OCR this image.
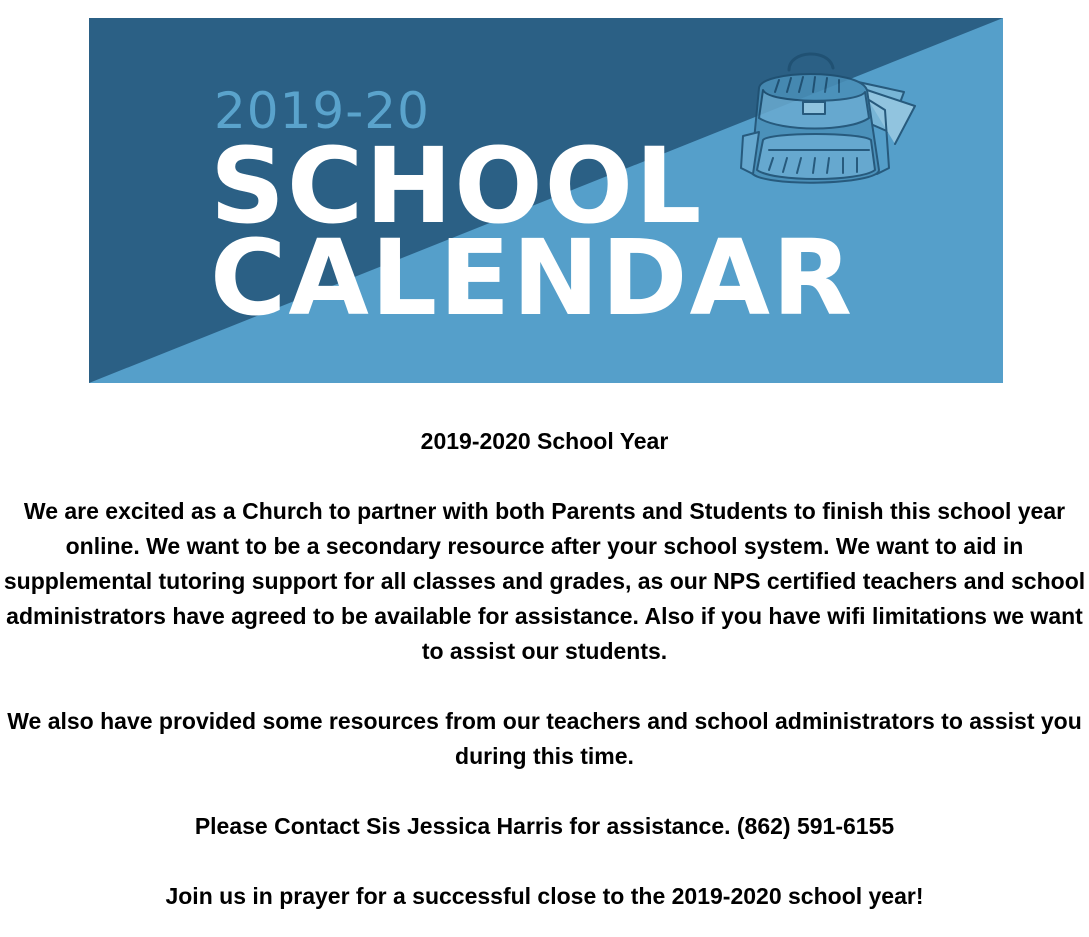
2019-20
SCHOOL
CALENDAR

2019-2020 School Year

We are excited as a Church to partner with both Parents and Students to finish this school year online. We want to be a secondary resource after your school system. We want to aid in supplemental tutoring support for all classes and grades, as our NPS certified teachers and school administrators have agreed to be available for assistance. Also if you have wifi limitations we want to assist our students.

We also have provided some resources from our teachers and school administrators to assist you during this time.

Please Contact Sis Jessica Harris for assistance. (862) 591-6155

Join us in prayer for a successful close to the 2019-2020 school year!
